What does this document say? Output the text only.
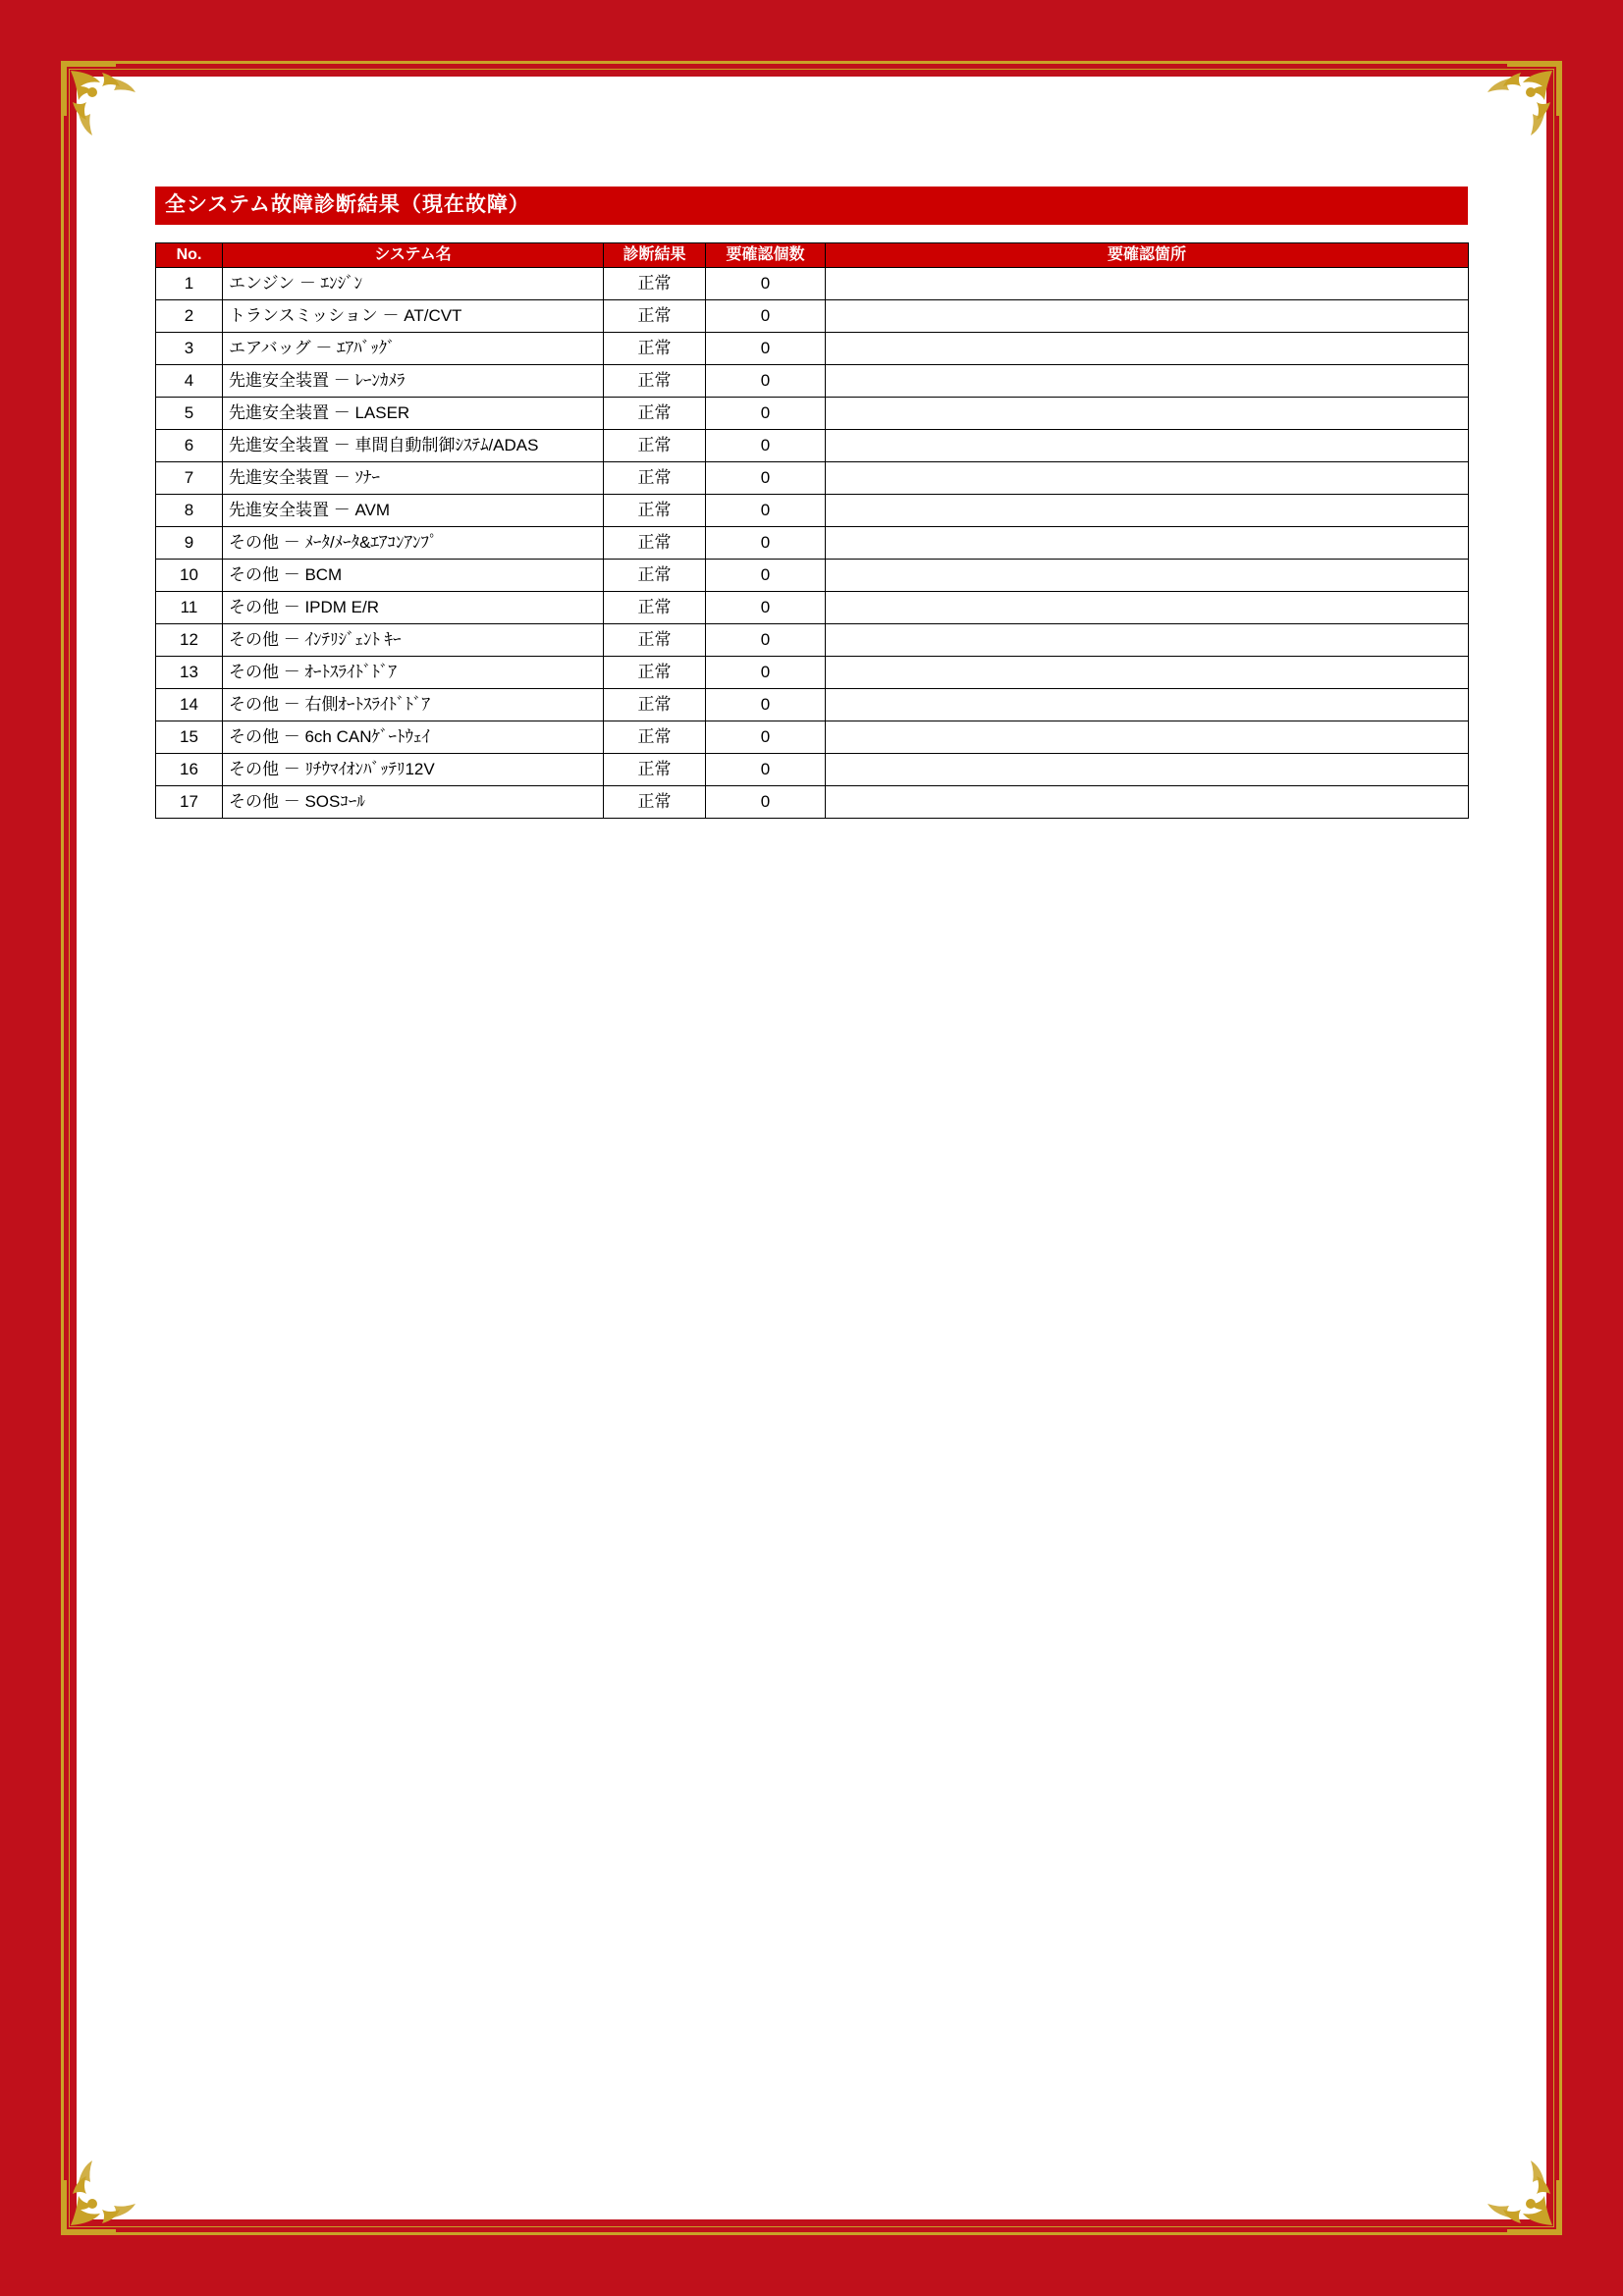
全システム故障診断結果（現在故障）
No.	システム名	診断結果	要確認個数	要確認箇所
1	エンジン － ｴﾝｼﾞﾝ	正常	0	
2	トランスミッション － AT/CVT	正常	0	
3	エアバッグ － ｴｱﾊﾞｯｸﾞ	正常	0	
4	先進安全装置 － ﾚｰﾝｶﾒﾗ	正常	0	
5	先進安全装置 － LASER	正常	0	
6	先進安全装置 － 車間自動制御ｼｽﾃﾑ/ADAS	正常	0	
7	先進安全装置 － ｿﾅｰ	正常	0	
8	先進安全装置 － AVM	正常	0	
9	その他 － ﾒｰﾀ/ﾒｰﾀ&ｴｱｺﾝｱﾝﾌﾟ	正常	0	
10	その他 － BCM	正常	0	
11	その他 － IPDM E/R	正常	0	
12	その他 － ｲﾝﾃﾘｼﾞｪﾝﾄ ｷｰ	正常	0	
13	その他 － ｵｰﾄｽﾗｲﾄﾞﾄﾞｱ	正常	0	
14	その他 － 右側ｵｰﾄｽﾗｲﾄﾞﾄﾞｱ	正常	0	
15	その他 － 6ch CANｹﾞｰﾄｳｪｲ	正常	0	
16	その他 － ﾘﾁｳﾏｲｵﾝﾊﾞｯﾃﾘ12V	正常	0	
17	その他 － SOSｺｰﾙ	正常	0	
